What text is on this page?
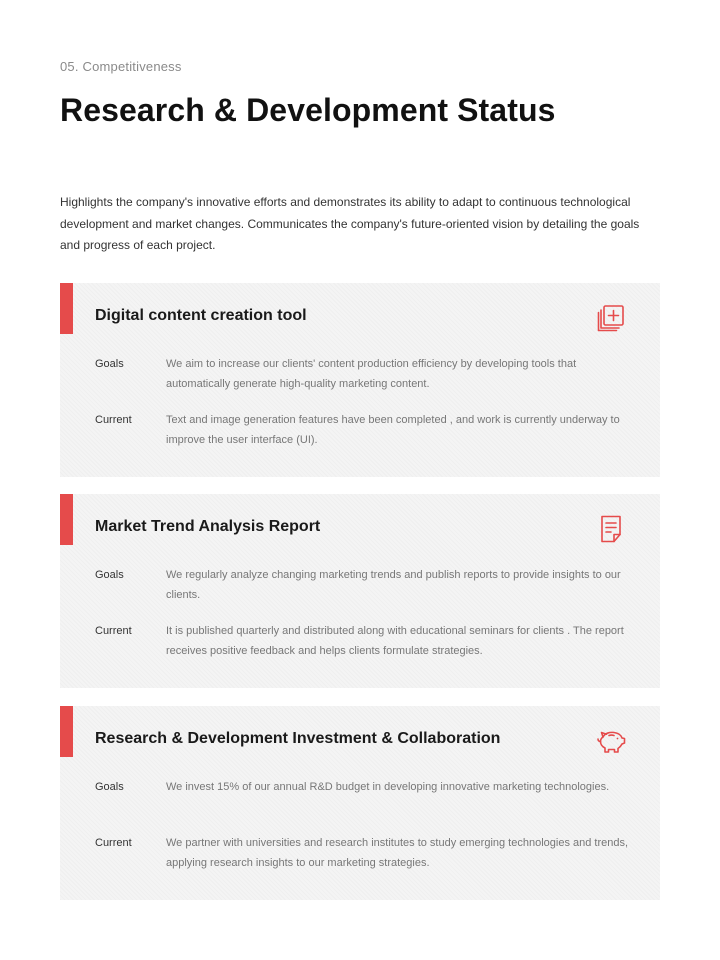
05. Competitiveness
Research & Development Status

Highlights the company's innovative efforts and demonstrates its ability to adapt to continuous technological development and market changes. Communicates the company's future-oriented vision by detailing the goals and progress of each project.

Digital content creation tool
Goals	We aim to increase our clients' content production efficiency by developing tools that automatically generate high-quality marketing content.
Current	Text and image generation features have been completed , and work is currently underway to improve the user interface (UI).
Market Trend Analysis Report
Goals	We regularly analyze changing marketing trends and publish reports to provide insights to our clients.
Current	It is published quarterly and distributed along with educational seminars for clients . The report receives positive feedback and helps clients formulate strategies.
Research & Development Investment & Collaboration
Goals	We invest 15% of our annual R&D budget in developing innovative marketing technologies.
Current	We partner with universities and research institutes to study emerging technologies and trends, applying research insights to our marketing strategies.
